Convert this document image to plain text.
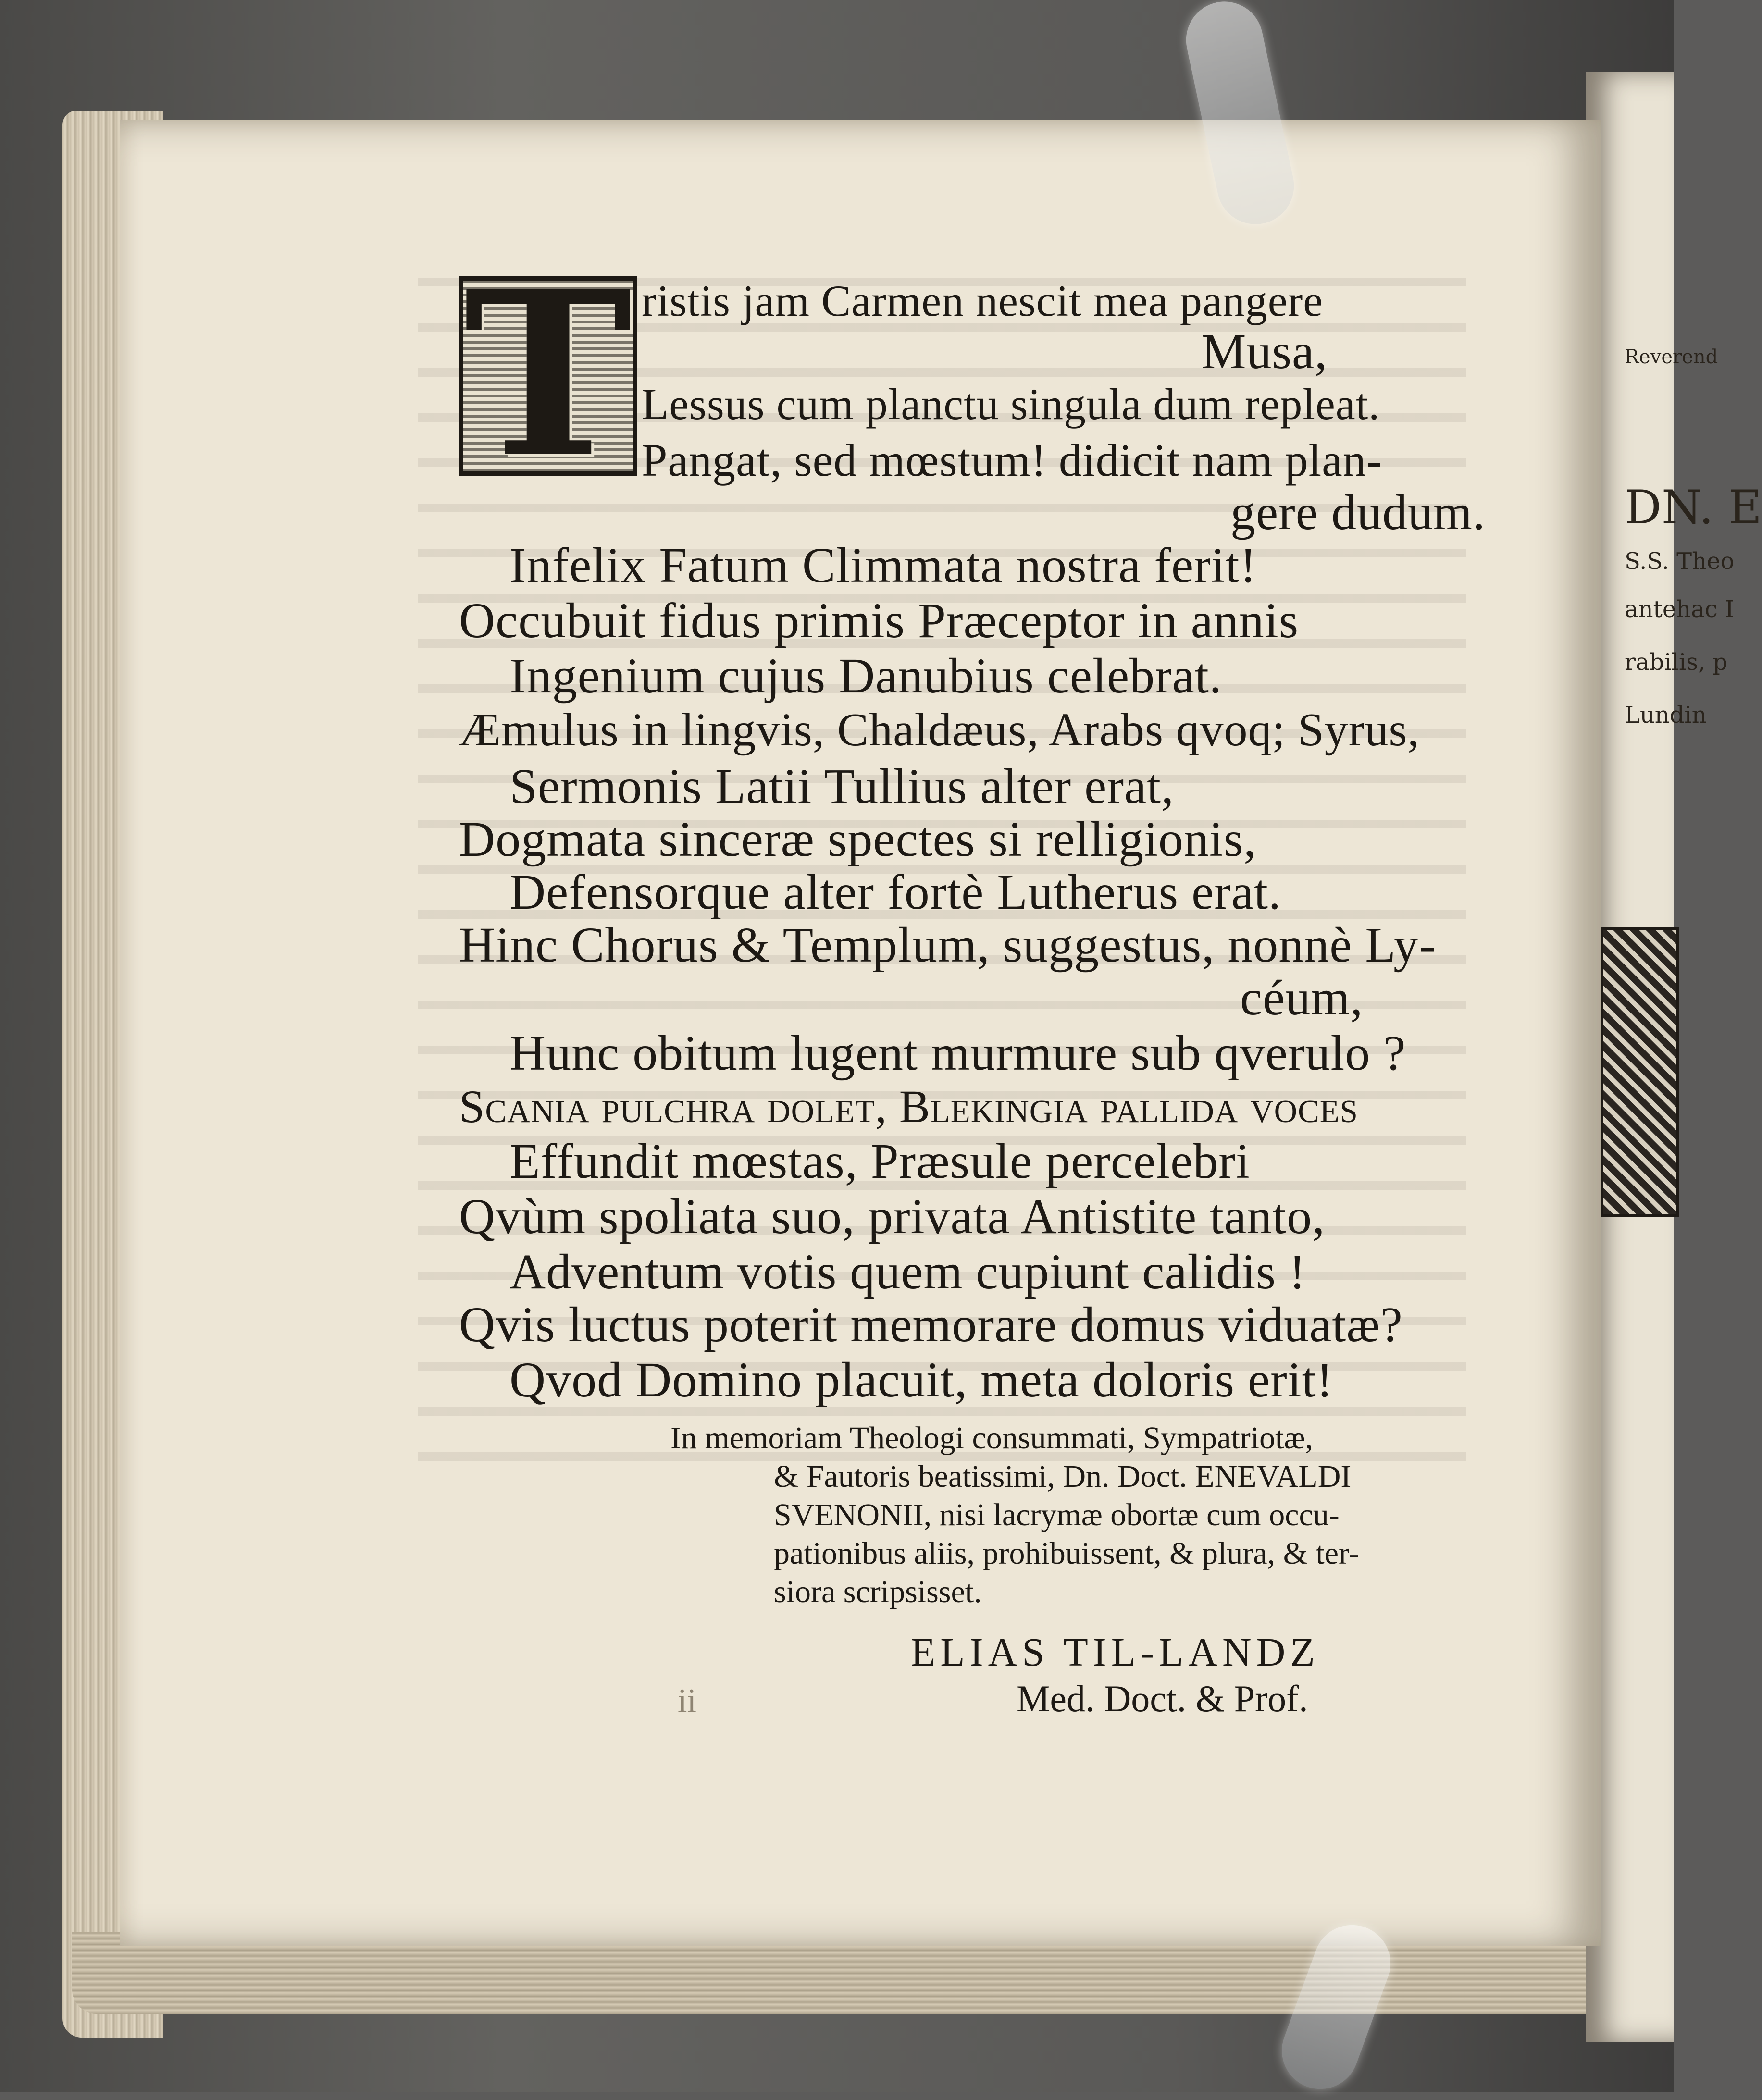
Reverend
DN. E
S.S. Theo
antehac I
rabilis, p
Lundin
T ristis jam Carmen nescit mea pangere
Musa,
Lessus cum planctu singula dum repleat.
Pangat, sed mœstum! didicit nam plan-
gere dudum.
Infelix Fatum Climmata nostra ferit!
Occubuit fidus primis Præceptor in annis
Ingenium cujus Danubius celebrat.
Æmulus in lingvis, Chaldæus, Arabs qvoq; Syrus,
Sermonis Latii Tullius alter erat,
Dogmata sinceræ spectes si relligionis,
Defensorque alter fortè Lutherus erat.
Hinc Chorus & Templum, suggestus, nonnè Ly-
céum,
Hunc obitum lugent murmure sub qverulo ?
Scania pulchra dolet, Blekingia pallida voces
Effundit mœstas, Præsule percelebri
Qvùm spoliata suo, privata Antistite tanto,
Adventum votis quem cupiunt calidis !
Qvis luctus poterit memorare domus viduatæ?
Qvod Domino placuit, meta doloris erit!
In memoriam Theologi consummati, Sympatriotæ,
& Fautoris beatissimi, Dn. Doct. ENEVALDI
SVENONII, nisi lacrymæ obortæ cum occu-
pationibus aliis, prohibuissent, & plura, & ter-
siora scripsisset.
ELIAS TIL-LANDZ
Med. Doct. & Prof.
ii
